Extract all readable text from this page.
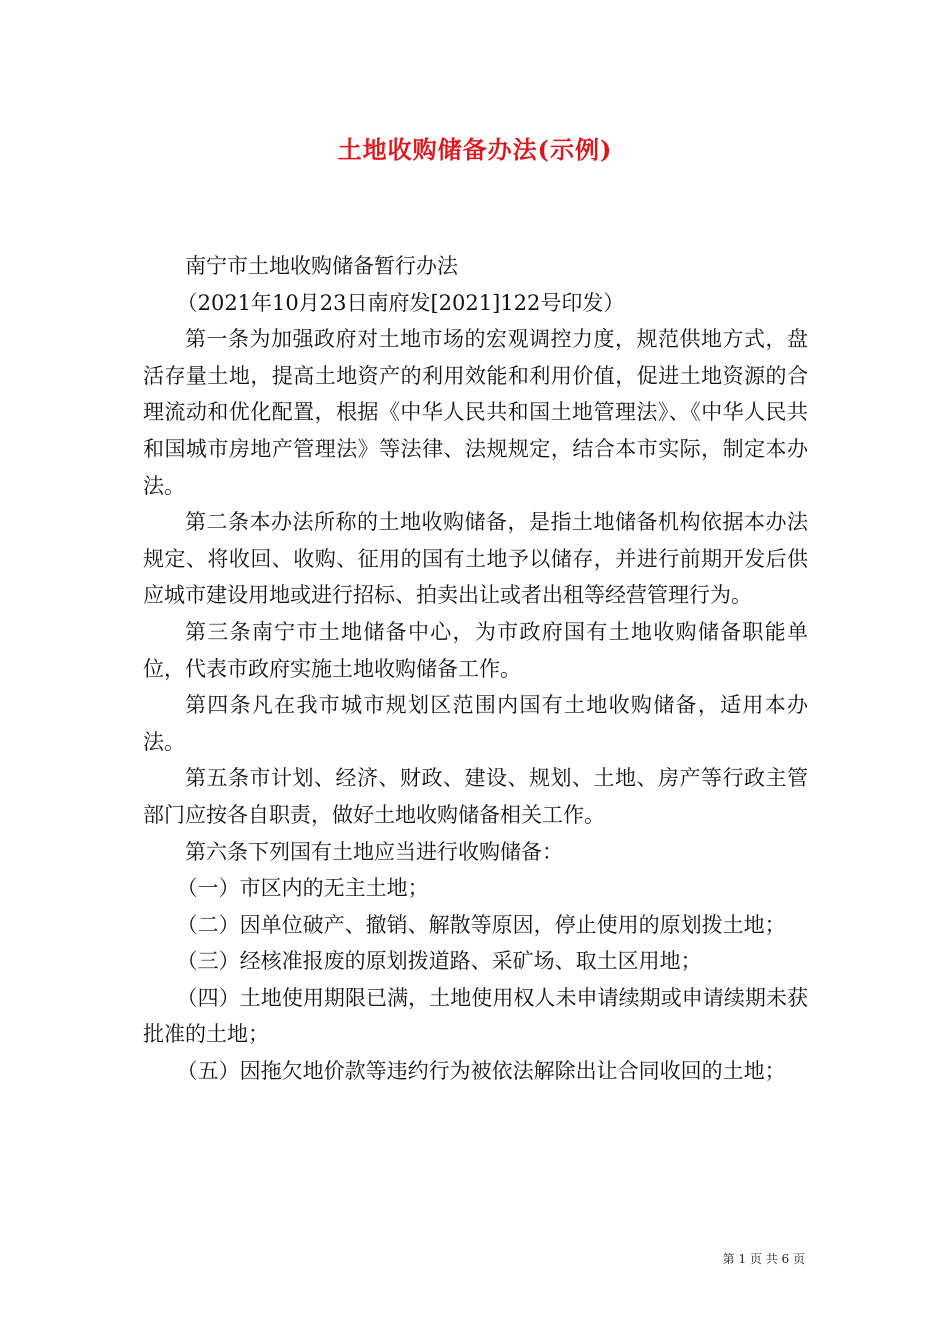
土地收购储备办法(示例)

南宁市土地收购储备暂行办法

（2021年10月23日南府发[2021]122号印发）

第一条为加强政府对土地市场的宏观调控力度，规范供地方式，盘活存量土地，提高土地资产的利用效能和利用价值，促进土地资源的合理流动和优化配置，根据《中华人民共和国土地管理法》、《中华人民共和国城市房地产管理法》等法律、法规规定，结合本市实际，制定本办法。

第二条本办法所称的土地收购储备，是指土地储备机构依据本办法规定、将收回、收购、征用的国有土地予以储存，并进行前期开发后供应城市建设用地或进行招标、拍卖出让或者出租等经营管理行为。

第三条南宁市土地储备中心，为市政府国有土地收购储备职能单位，代表市政府实施土地收购储备工作。

第四条凡在我市城市规划区范围内国有土地收购储备，适用本办法。

第五条市计划、经济、财政、建设、规划、土地、房产等行政主管部门应按各自职责，做好土地收购储备相关工作。

第六条下列国有土地应当进行收购储备：

（一）市区内的无主土地；

（二）因单位破产、撤销、解散等原因，停止使用的原划拨土地；

（三）经核准报废的原划拨道路、采矿场、取土区用地；

（四）土地使用期限已满，土地使用权人未申请续期或申请续期未获批准的土地；

（五）因拖欠地价款等违约行为被依法解除出让合同收回的土地；

第 1 页 共 6 页
